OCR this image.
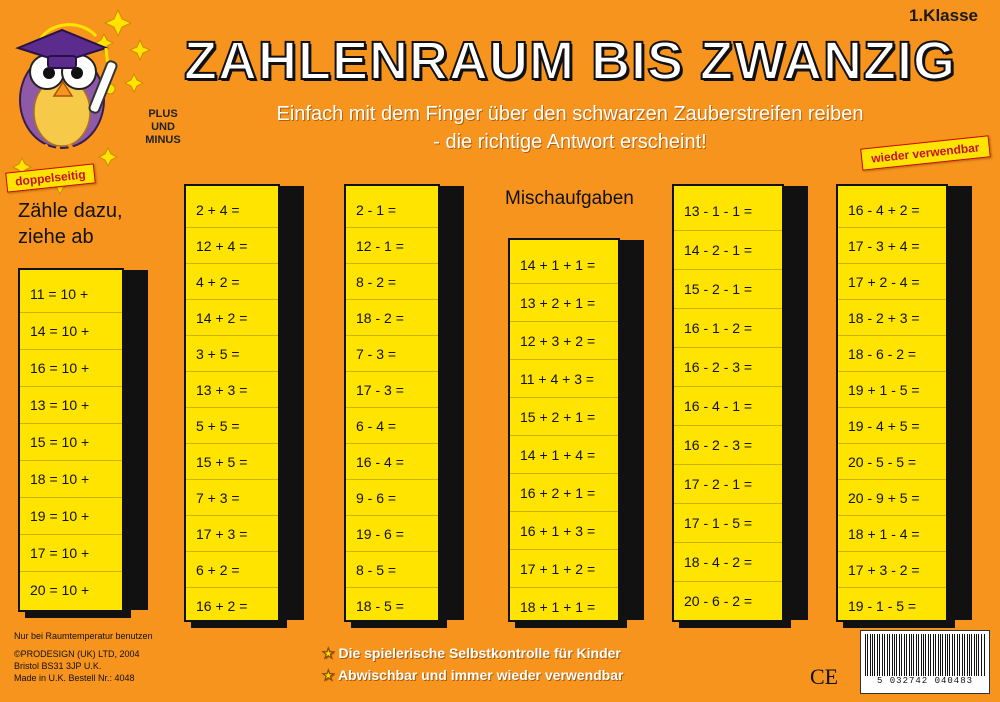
PLUS
UND
MINUS
doppelseitig
wieder verwendbar
1.Klasse
ZAHLENRAUM BIS ZWANZIG
Einfach mit dem Finger über den schwarzen Zauberstreifen reiben
- die richtige Antwort erscheint!
Zähle dazu,
ziehe ab
Mischaufgaben
11 = 10 +
14 = 10 +
16 = 10 +
13 = 10 +
15 = 10 +
18 = 10 +
19 = 10 +
17 = 10 +
20 = 10 +
2 + 4 =
12 + 4 =
4 + 2 =
14 + 2 =
3 + 5 =
13 + 3 =
5 + 5 =
15 + 5 =
7 + 3 =
17 + 3 =
6 + 2 =
16 + 2 =
2 - 1 =
12 - 1 =
8 - 2 =
18 - 2 =
7 - 3 =
17 - 3 =
6 - 4 =
16 - 4 =
9 - 6 =
19 - 6 =
8 - 5 =
18 - 5 =
14 + 1 + 1 =
13 + 2 + 1 =
12 + 3 + 2 =
11 + 4 + 3 =
15 + 2 + 1 =
14 + 1 + 4 =
16 + 2 + 1 =
16 + 1 + 3 =
17 + 1 + 2 =
18 + 1 + 1 =
13 - 1 - 1 =
14 - 2 - 1 =
15 - 2 - 1 =
16 - 1 - 2 =
16 - 2 - 3 =
16 - 4 - 1 =
16 - 2 - 3 =
17 - 2 - 1 =
17 - 1 - 5 =
18 - 4 - 2 =
20 - 6 - 2 =
16 - 4 + 2 =
17 - 3 + 4 =
17 + 2 - 4 =
18 - 2 + 3 =
18 - 6 - 2 =
19 + 1 - 5 =
19 - 4 + 5 =
20 - 5 - 5 =
20 - 9 + 5 =
18 + 1 - 4 =
17 + 3 - 2 =
19 - 1 - 5 =
Nur bei Raumtemperatur benutzen
©PRODESIGN (UK) LTD, 2004
Bristol BS31 3JP U.K.
Made in U.K. Bestell Nr.: 4048
★ Die spielerische Selbstkontrolle für Kinder
★ Abwischbar und immer wieder verwendbar	CE	5 032742 040483
